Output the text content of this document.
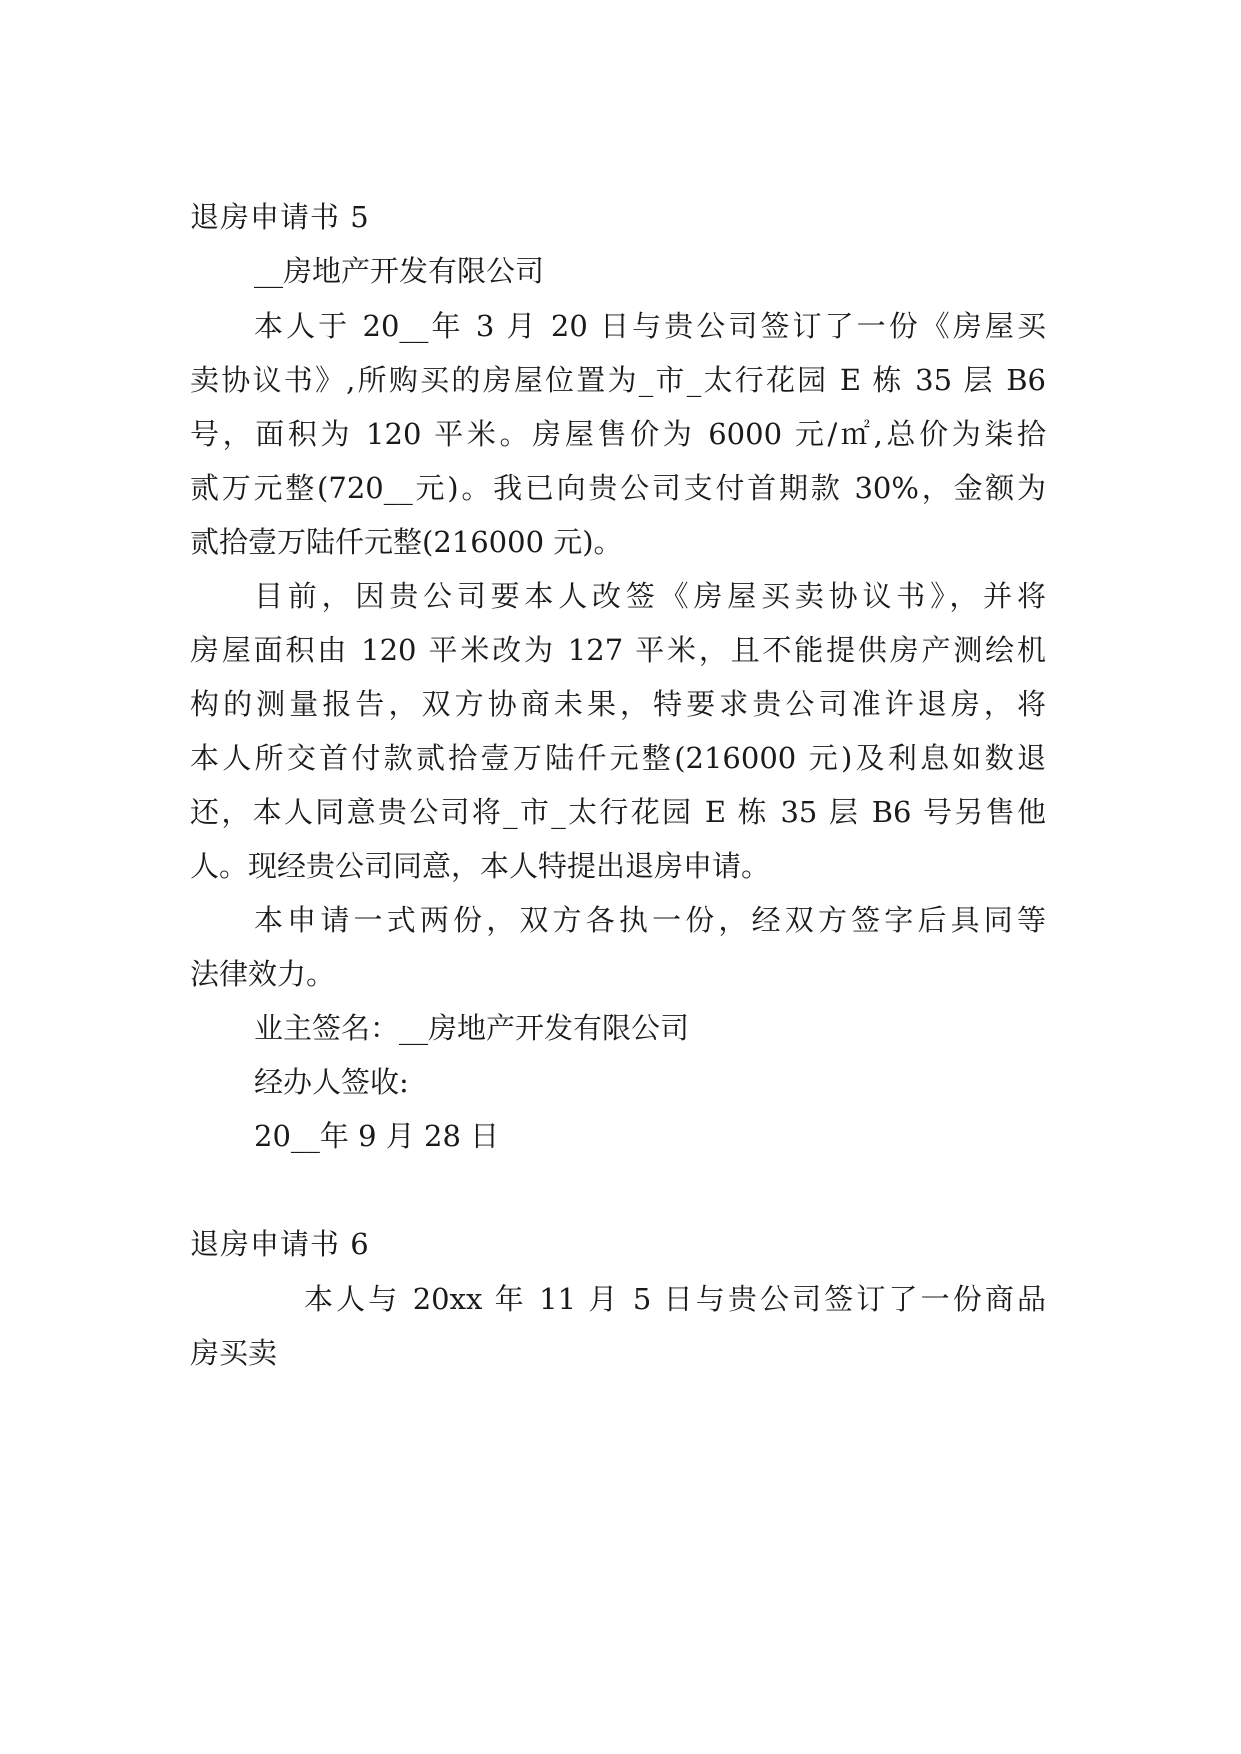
退房申请书 5
__房地产开发有限公司
本人于 20__年 3 月 20 日与贵公司签订了一份《房屋买
卖协议书》,所购买的房屋位置为_市_太行花园 E 栋 35 层 B6
号，面积为 120 平米。房屋售价为 6000 元/㎡,总价为柒拾
贰万元整(720__元)。我已向贵公司支付首期款 30%，金额为
贰拾壹万陆仟元整(216000 元)。
目前，因贵公司要本人改签《房屋买卖协议书》，并将
房屋面积由 120 平米改为 127 平米，且不能提供房产测绘机
构的测量报告，双方协商未果，特要求贵公司准许退房，将
本人所交首付款贰拾壹万陆仟元整(216000 元)及利息如数退
还，本人同意贵公司将_市_太行花园 E 栋 35 层 B6 号另售他
人。现经贵公司同意，本人特提出退房申请。
本申请一式两份，双方各执一份，经双方签字后具同等
法律效力。
业主签名：__房地产开发有限公司
经办人签收:
20__年 9 月 28 日
退房申请书 6
本人与 20xx 年 11 月 5 日与贵公司签订了一份商品
房买卖
